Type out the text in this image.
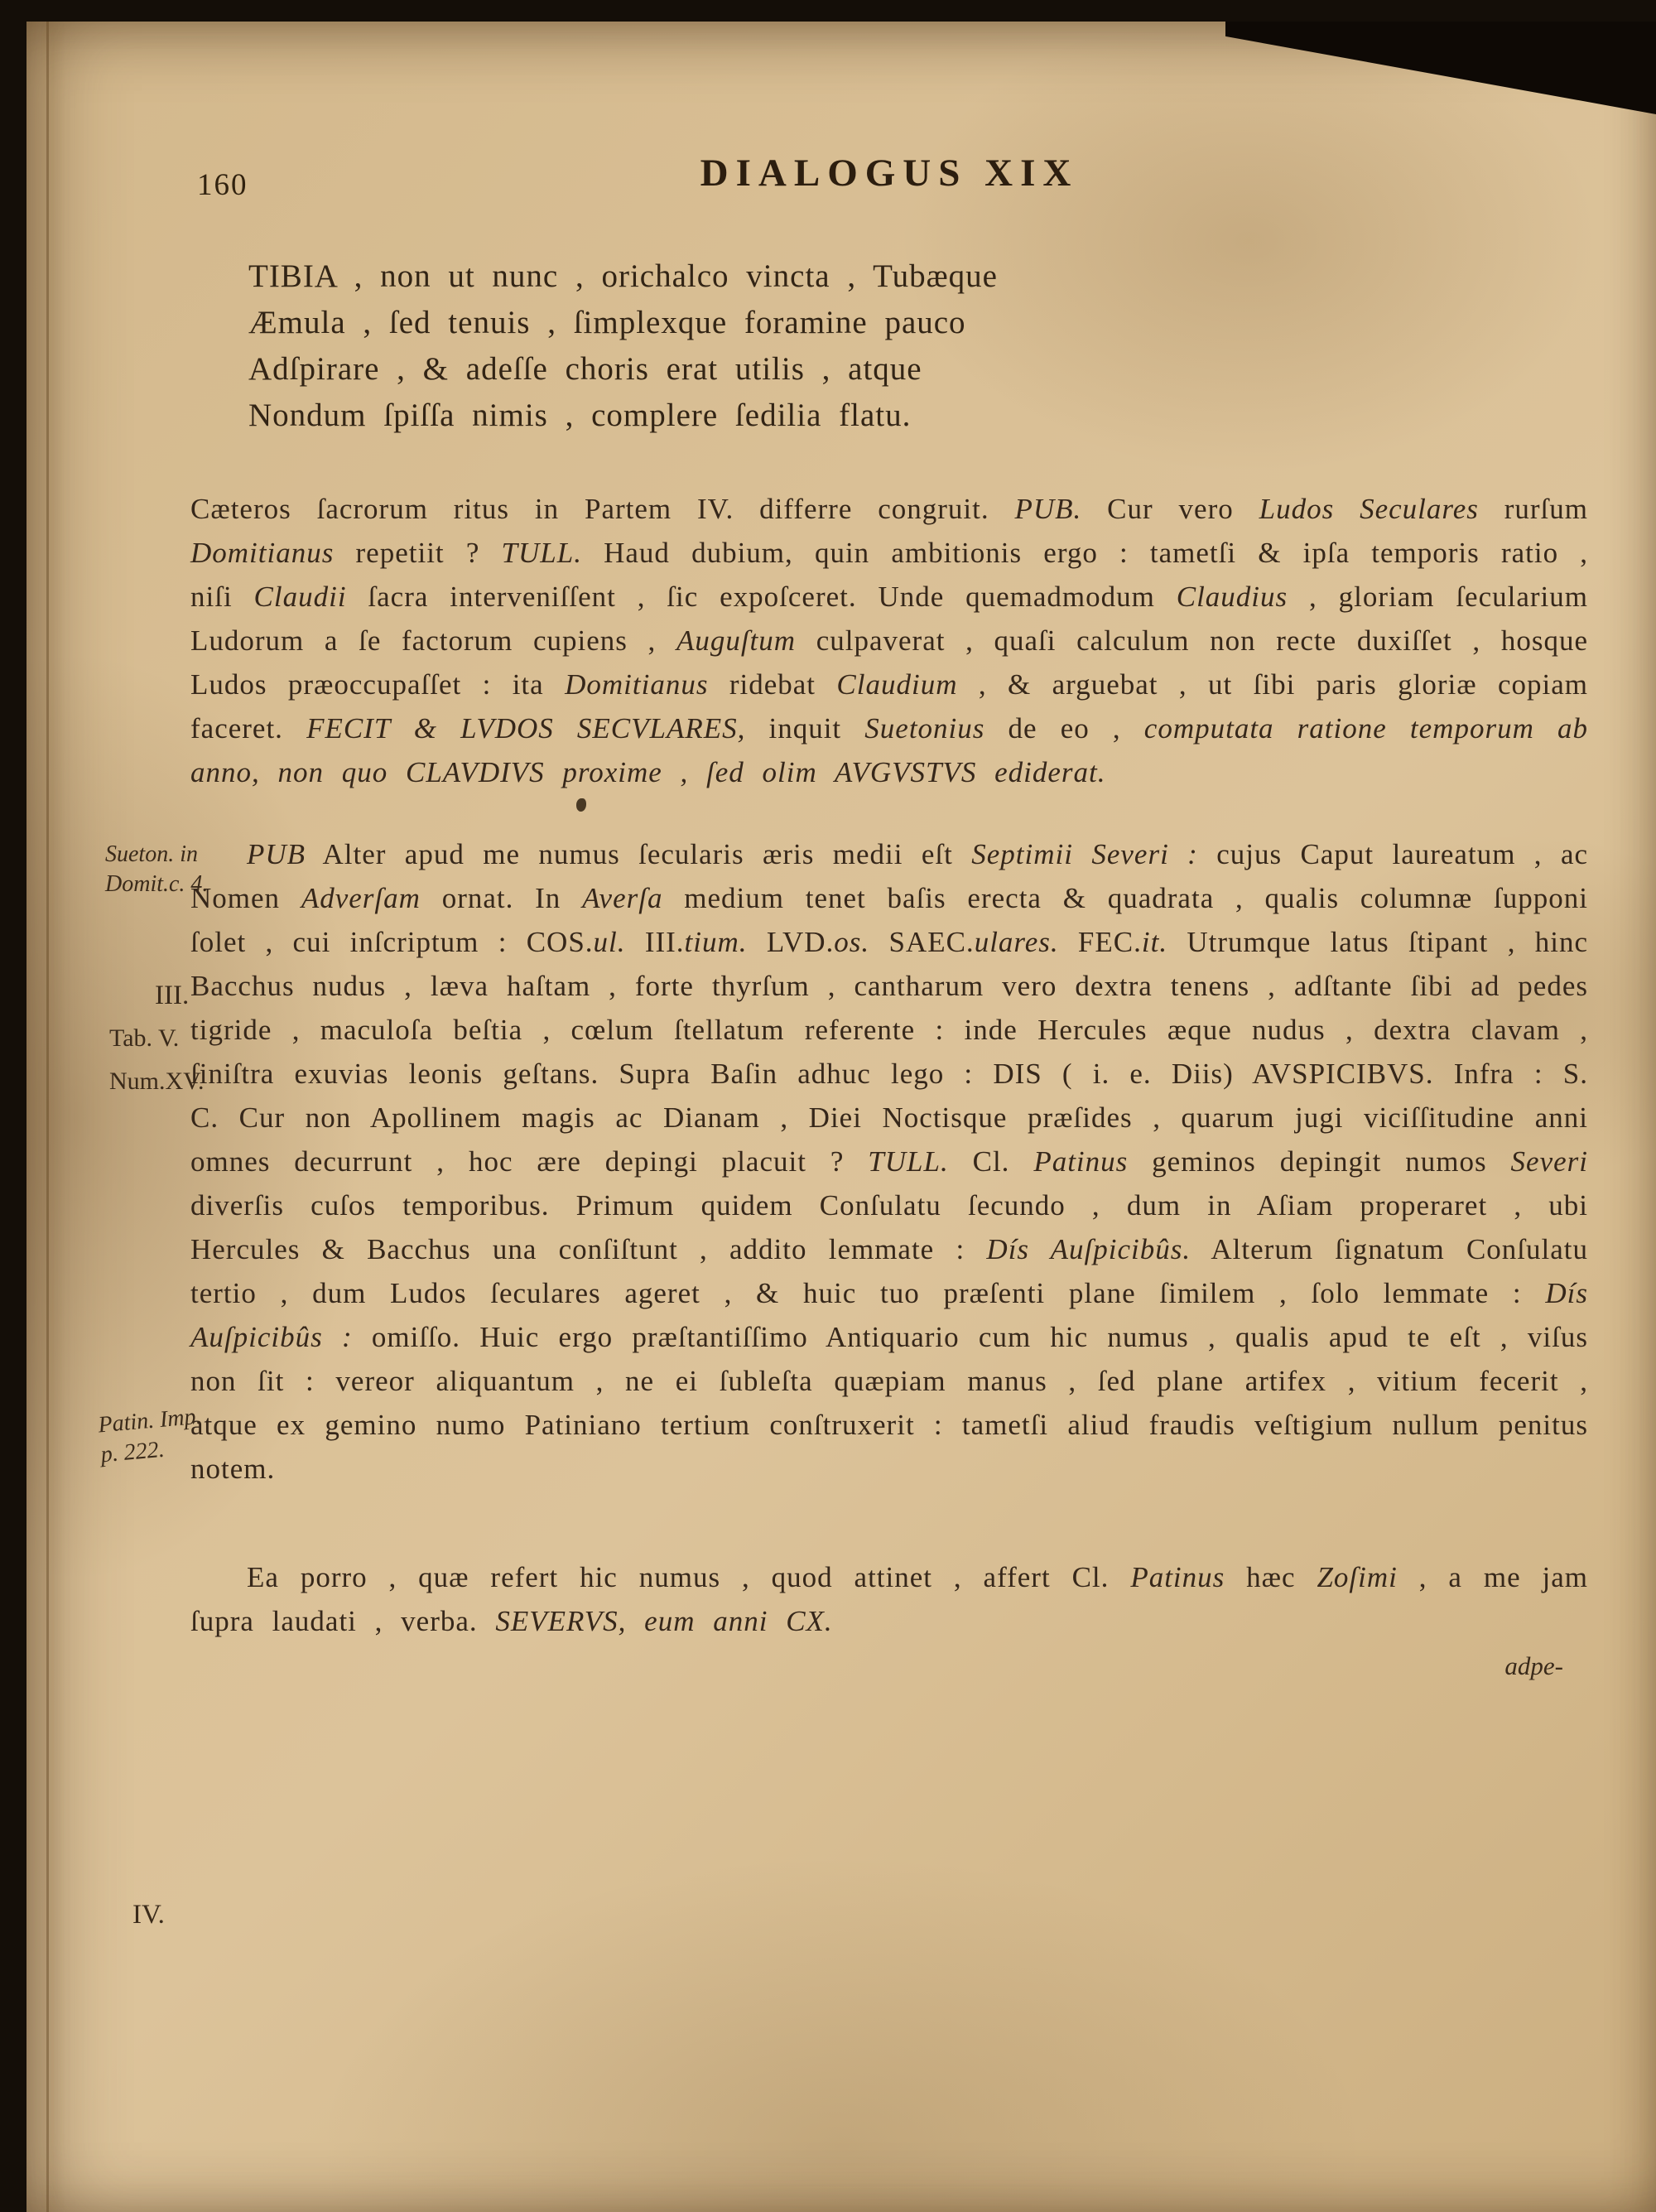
160	DIALOGUS XIX
TIBIA , non ut nunc , orichalco vincta , Tubæque
Æmula , ſed tenuis , ſimplexque foramine pauco
Adſpirare , & adeſſe choris erat utilis , atque
Nondum ſpiſſa nimis , complere ſedilia flatu.

Cæteros ſacrorum ritus in Partem IV. differre congruit. PUB. Cur vero Ludos Seculares rurſum Domitianus repetiit ? TULL. Haud dubium, quin ambitionis ergo : tametſi & ipſa temporis ratio , niſi Claudii ſacra interveniſſent , ſic expoſceret. Unde quemadmodum Claudius , gloriam ſecularium Ludorum a ſe factorum cupiens , Auguſtum culpaverat , quaſi calculum non recte duxiſſet , hosque Ludos præoccupaſſet : ita Domitianus ridebat Claudium , & arguebat , ut ſibi paris gloriæ copiam faceret. FECIT & LVDOS SECVLARES, inquit Suetonius de eo , computata ratione temporum ab anno, non quo CLAVDIVS proxime , ſed olim AVGVSTVS ediderat.

PUB Alter apud me numus ſecularis æris medii eſt Septimii Severi : cujus Caput laureatum , ac Nomen Adverſam ornat. In Averſa medium tenet baſis erecta & quadrata , qualis columnæ ſupponi ſolet , cui inſcriptum : COS.ul. III.tium. LVD.os. SAEC.ulares. FEC.it. Utrumque latus ſtipant , hinc Bacchus nudus , læva haſtam , forte thyrſum , cantharum vero dextra tenens , adſtante ſibi ad pedes tigride , maculoſa beſtia , cœlum ſtellatum referente : inde Hercules æque nudus , dextra clavam , ſiniſtra exuvias leonis geſtans. Supra Baſin adhuc lego : DIS ( i. e. Diis) AVSPICIBVS. Infra : S. C. Cur non Apollinem magis ac Dianam , Diei Noctisque præſides , quarum jugi viciſſitudine anni omnes decurrunt , hoc ære depingi placuit ? TULL. Cl. Patinus geminos depingit numos Severi diverſis cuſos temporibus. Primum quidem Conſulatu ſecundo , dum in Aſiam properaret , ubi Hercules & Bacchus una conſiſtunt , addito lemmate : Dís Auſpicibûs. Alterum ſignatum Conſulatu tertio , dum Ludos ſeculares ageret , & huic tuo præſenti plane ſimilem , ſolo lemmate : Dís Auſpicibûs : omiſſo. Huic ergo præſtantiſſimo Antiquario cum hic numus , qualis apud te eſt , viſus non ſit : vereor aliquantum , ne ei ſubleſta quæpiam manus , ſed plane artifex , vitium fecerit , atque ex gemino numo Patiniano tertium conſtruxerit : tametſi aliud fraudis veſtigium nullum penitus notem.

Ea porro , quæ refert hic numus , quod attinet , affert Cl. Patinus hæc Zoſimi , a me jam ſupra laudati , verba. SEVERVS, eum anni CX.

adpe-
Sueton. in
Domit.c. 4.
III.
Tab. V.
Num.XV.
Patin. Imp.
p. 222.
IV.
